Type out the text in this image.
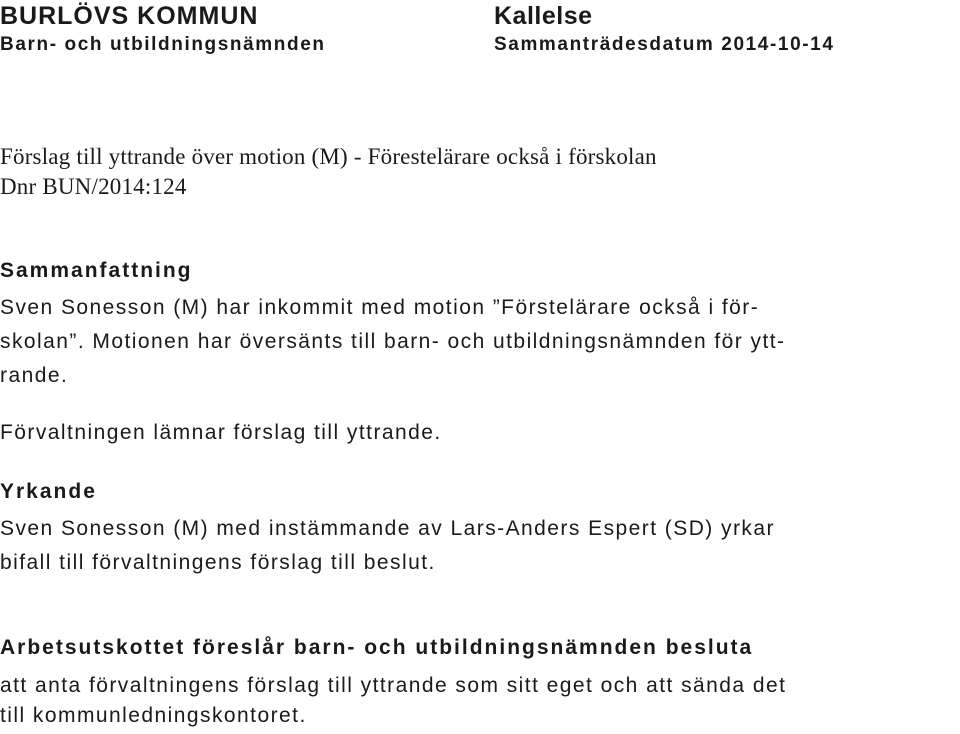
BURLÖVS KOMMUN
Barn- och utbildningsnämnden
Kallelse
Sammanträdesdatum 2014-10-14
Förslag till yttrande över motion (M) - Förestelärare också i förskolan
Dnr BUN/2014:124
Sammanfattning
Sven Sonesson (M) har inkommit med motion ”Förstelärare också i för-
skolan”. Motionen har översänts till barn- och utbildningsnämnden för ytt-
rande.
Förvaltningen lämnar förslag till yttrande.
Yrkande
Sven Sonesson (M) med instämmande av Lars-Anders Espert (SD) yrkar
bifall till förvaltningens förslag till beslut.
Arbetsutskottet föreslår barn- och utbildningsnämnden besluta
att anta förvaltningens förslag till yttrande som sitt eget och att sända det
till kommunledningskontoret.
